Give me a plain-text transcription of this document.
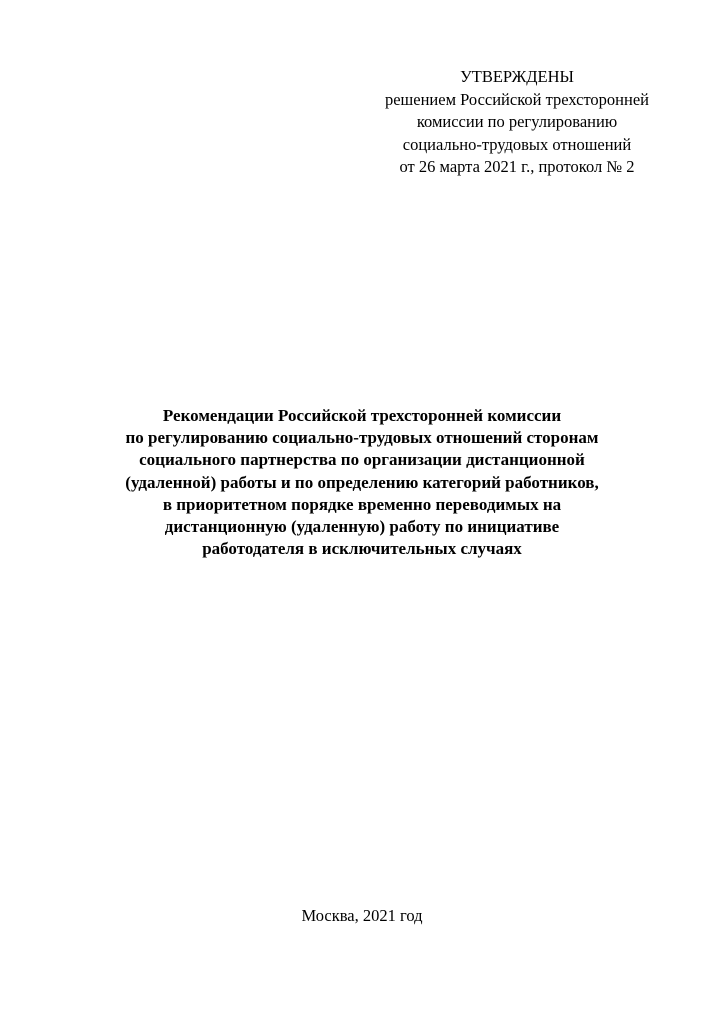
УТВЕРЖДЕНЫ
решением Российской трехсторонней
комиссии по регулированию
социально-трудовых отношений
от 26 марта 2021 г., протокол № 2
Рекомендации Российской трехсторонней комиссии
по регулированию социально-трудовых отношений сторонам
социального партнерства по организации дистанционной
(удаленной) работы и по определению категорий работников,
в приоритетном порядке временно переводимых на
дистанционную (удаленную) работу по инициативе
работодателя в исключительных случаях
Москва, 2021 год
